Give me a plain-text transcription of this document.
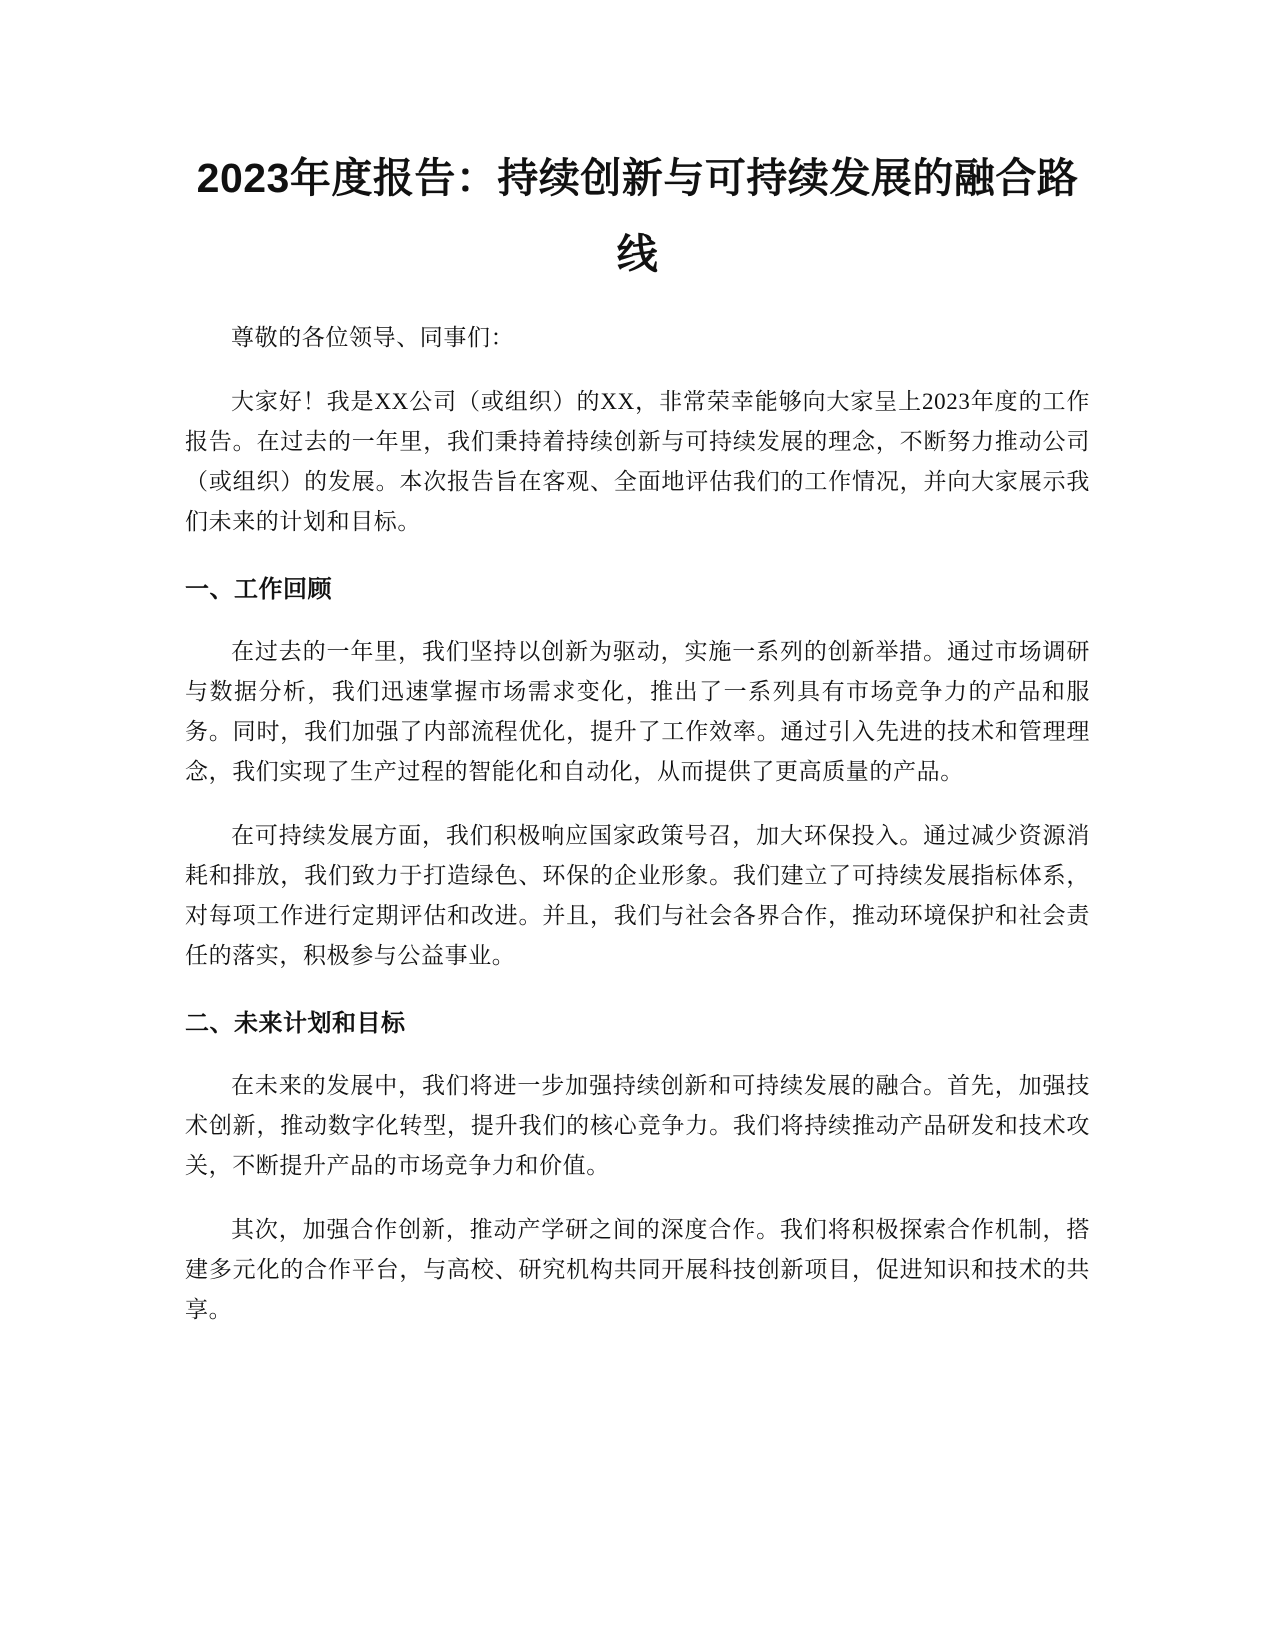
2023年度报告：持续创新与可持续发展的融合路线

尊敬的各位领导、同事们：

大家好！我是XX公司（或组织）的XX，非常荣幸能够向大家呈上2023年度的工作报告。在过去的一年里，我们秉持着持续创新与可持续发展的理念，不断努力推动公司（或组织）的发展。本次报告旨在客观、全面地评估我们的工作情况，并向大家展示我们未来的计划和目标。

一、工作回顾

在过去的一年里，我们坚持以创新为驱动，实施一系列的创新举措。通过市场调研与数据分析，我们迅速掌握市场需求变化，推出了一系列具有市场竞争力的产品和服务。同时，我们加强了内部流程优化，提升了工作效率。通过引入先进的技术和管理理念，我们实现了生产过程的智能化和自动化，从而提供了更高质量的产品。

在可持续发展方面，我们积极响应国家政策号召，加大环保投入。通过减少资源消耗和排放，我们致力于打造绿色、环保的企业形象。我们建立了可持续发展指标体系，对每项工作进行定期评估和改进。并且，我们与社会各界合作，推动环境保护和社会责任的落实，积极参与公益事业。

二、未来计划和目标

在未来的发展中，我们将进一步加强持续创新和可持续发展的融合。首先，加强技术创新，推动数字化转型，提升我们的核心竞争力。我们将持续推动产品研发和技术攻关，不断提升产品的市场竞争力和价值。

其次，加强合作创新，推动产学研之间的深度合作。我们将积极探索合作机制，搭建多元化的合作平台，与高校、研究机构共同开展科技创新项目，促进知识和技术的共享。
